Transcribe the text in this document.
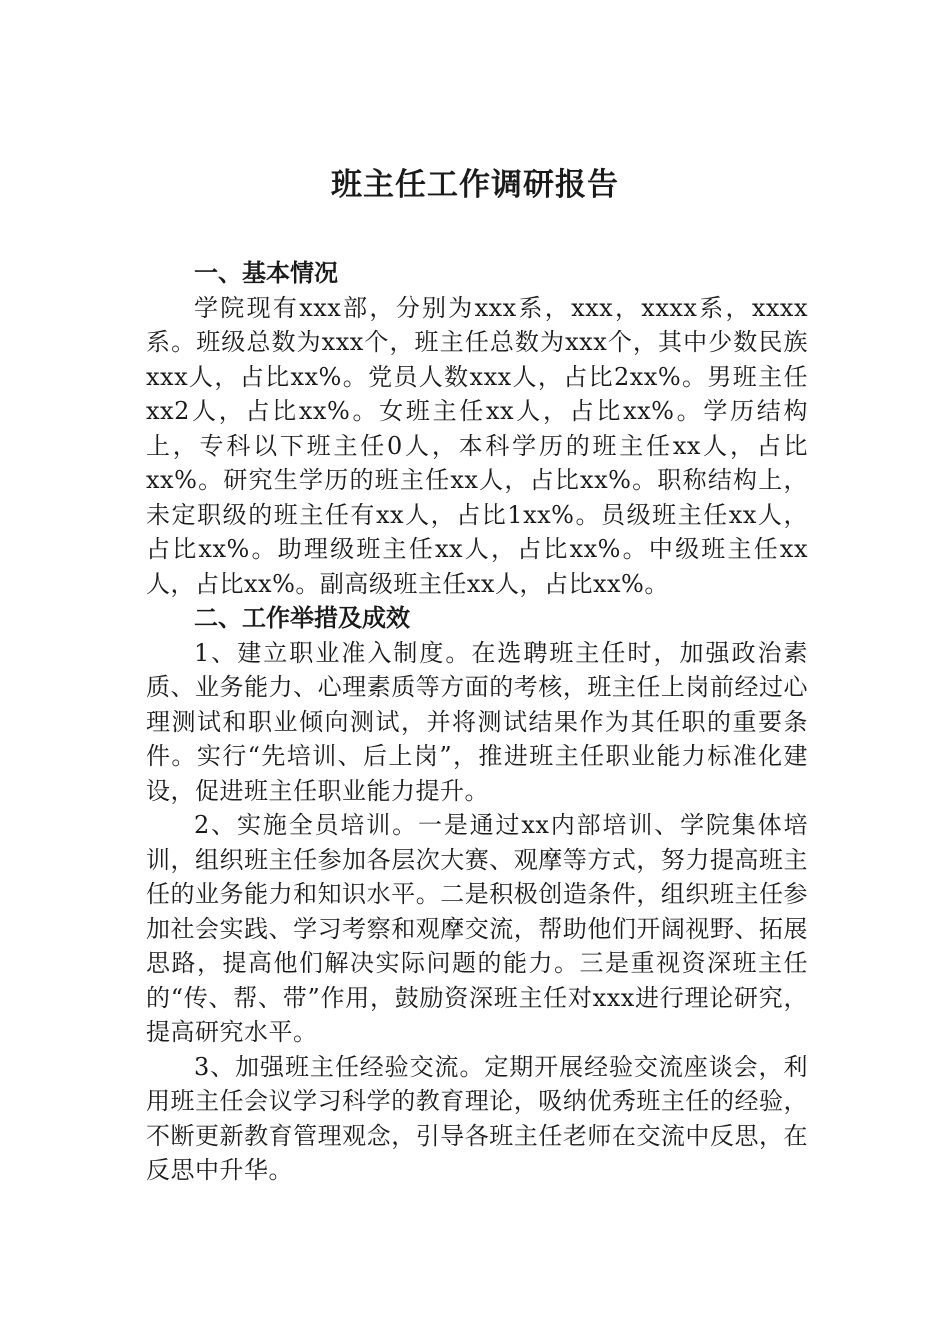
班主任工作调研报告

一、基本情况

学院现有xxx部，分别为xxx系，xxx，xxxx系，xxxx系。班级总数为xxx个，班主任总数为xxx个，其中少数民族xxx人，占比xx%。党员人数xxx人，占比2xx%。男班主任xx2人，占比xx%。女班主任xx人，占比xx%。学历结构上，专科以下班主任0人，本科学历的班主任xx人，占比xx%。研究生学历的班主任xx人，占比xx%。职称结构上，未定职级的班主任有xx人，占比1xx%。员级班主任xx人，占比xx%。助理级班主任xx人，占比xx%。中级班主任xx人，占比xx%。副高级班主任xx人，占比xx%。

二、工作举措及成效

1、建立职业准入制度。在选聘班主任时，加强政治素质、业务能力、心理素质等方面的考核，班主任上岗前经过心理测试和职业倾向测试，并将测试结果作为其任职的重要条件。实行“先培训、后上岗”，推进班主任职业能力标准化建设，促进班主任职业能力提升。

2、实施全员培训。一是通过xx内部培训、学院集体培训，组织班主任参加各层次大赛、观摩等方式，努力提高班主任的业务能力和知识水平。二是积极创造条件，组织班主任参加社会实践、学习考察和观摩交流，帮助他们开阔视野、拓展思路，提高他们解决实际问题的能力。三是重视资深班主任的“传、帮、带”作用，鼓励资深班主任对xxx进行理论研究，提高研究水平。

3、加强班主任经验交流。定期开展经验交流座谈会，利用班主任会议学习科学的教育理论，吸纳优秀班主任的经验，不断更新教育管理观念，引导各班主任老师在交流中反思，在反思中升华。
